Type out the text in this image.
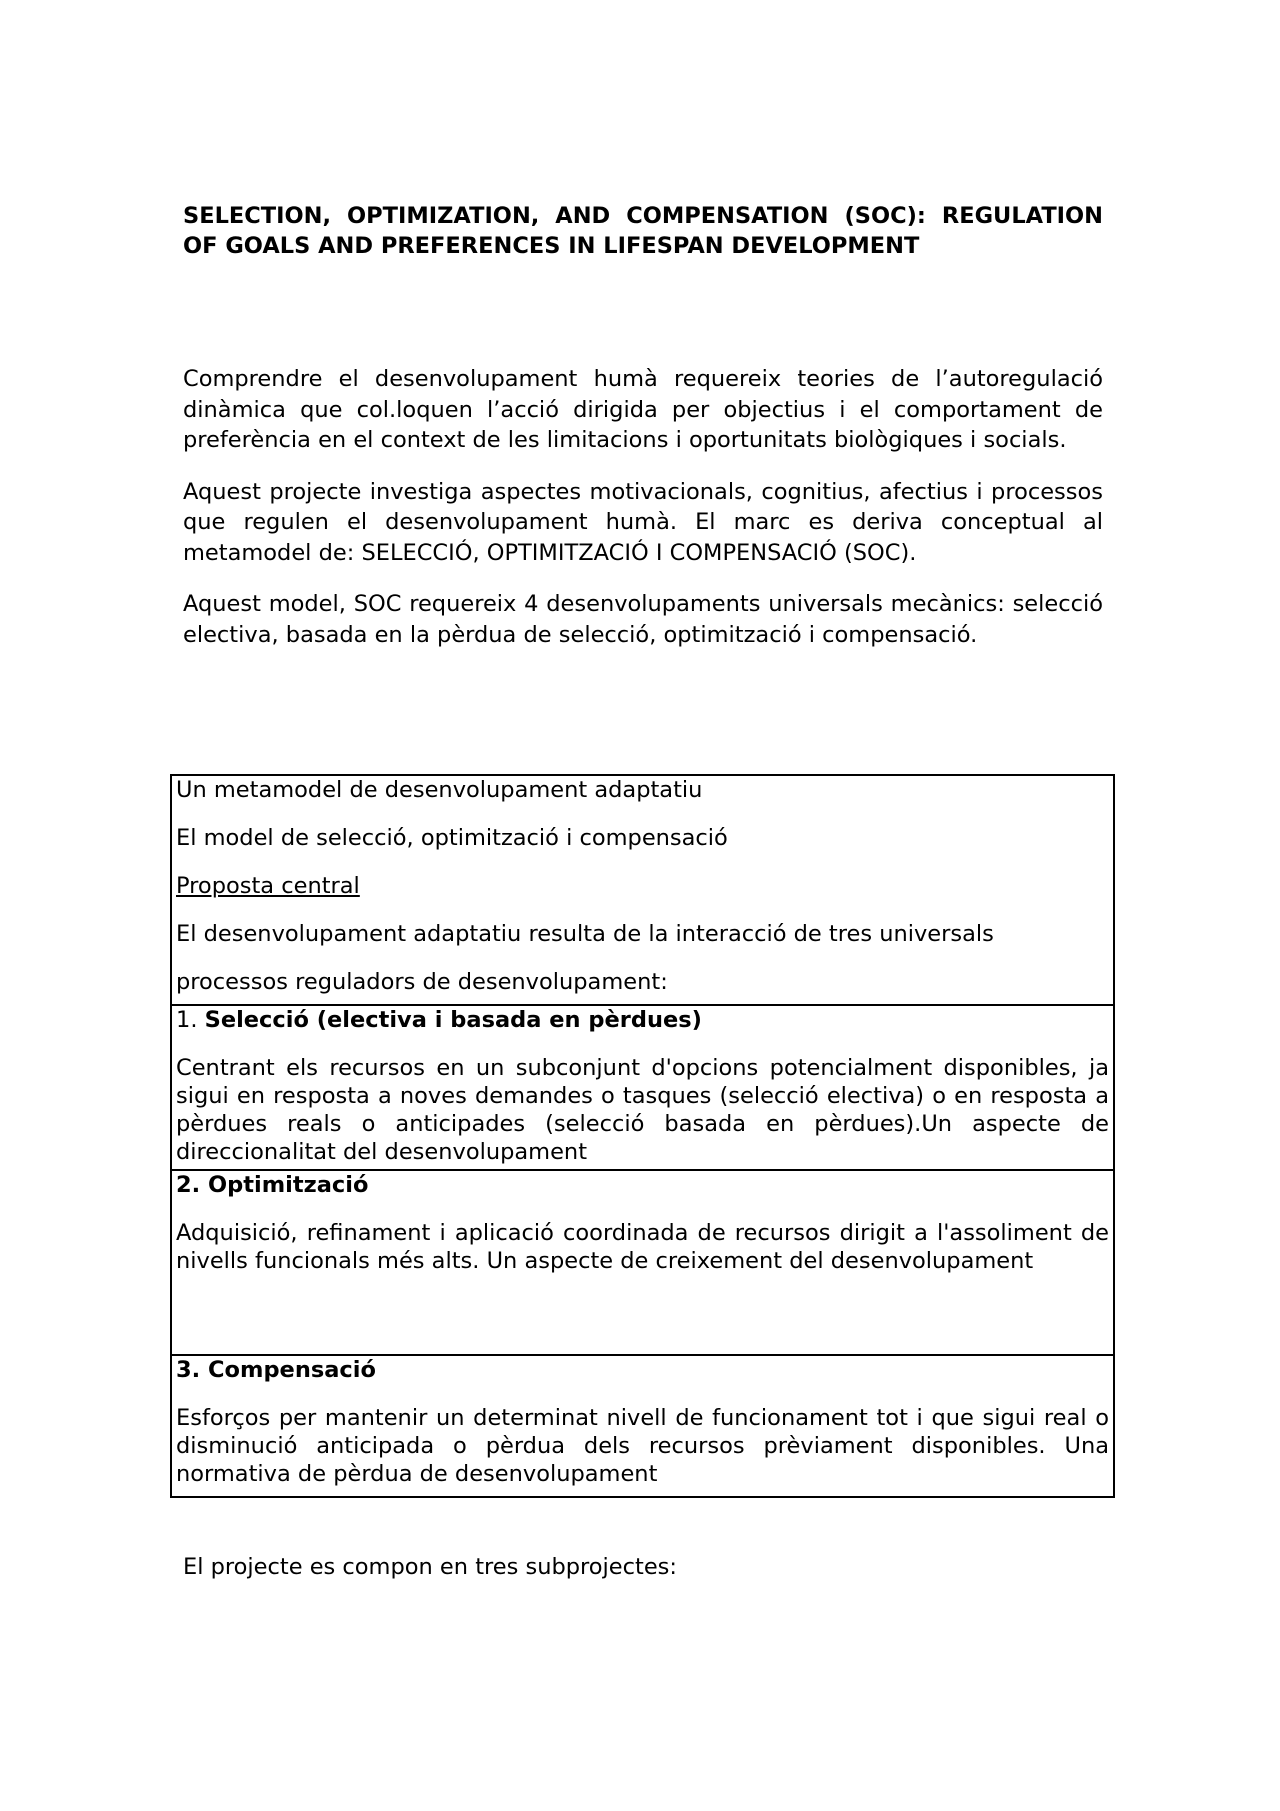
SELECTION, OPTIMIZATION, AND COMPENSATION (SOC): REGULATION OF GOALS AND PREFERENCES IN LIFESPAN DEVELOPMENT

Comprendre el desenvolupament humà requereix teories de l’autoregulació dinàmica que col.loquen l’acció dirigida per objectius i el comportament de preferència en el context de les limitacions i oportunitats biològiques i socials.

Aquest projecte investiga aspectes motivacionals, cognitius, afectius i processos que regulen el desenvolupament humà. El marc es deriva conceptual al metamodel de: SELECCIÓ, OPTIMITZACIÓ I COMPENSACIÓ (SOC).

Aquest model, SOC requereix 4 desenvolupaments universals mecànics: selecció electiva, basada en la pèrdua de selecció, optimització i compensació.

Un metamodel de desenvolupament adaptatiu

El model de selecció, optimització i compensació

Proposta central

El desenvolupament adaptatiu resulta de la interacció de tres universals

processos reguladors de desenvolupament:

1. Selecció (electiva i basada en pèrdues)

Centrant els recursos en un subconjunt d'opcions potencialment disponibles, ja sigui en resposta a noves demandes o tasques (selecció electiva) o en resposta a pèrdues reals o anticipades (selecció basada en pèrdues).Un aspecte de direccionalitat del desenvolupament

2. Optimització

Adquisició, refinament i aplicació coordinada de recursos dirigit a l'assoliment de nivells funcionals més alts. Un aspecte de creixement del desenvolupament

3. Compensació

Esforços per mantenir un determinat nivell de funcionament tot i que sigui real o disminució anticipada o pèrdua dels recursos prèviament disponibles. Una normativa de pèrdua de desenvolupament

El projecte es compon en tres subprojectes:
